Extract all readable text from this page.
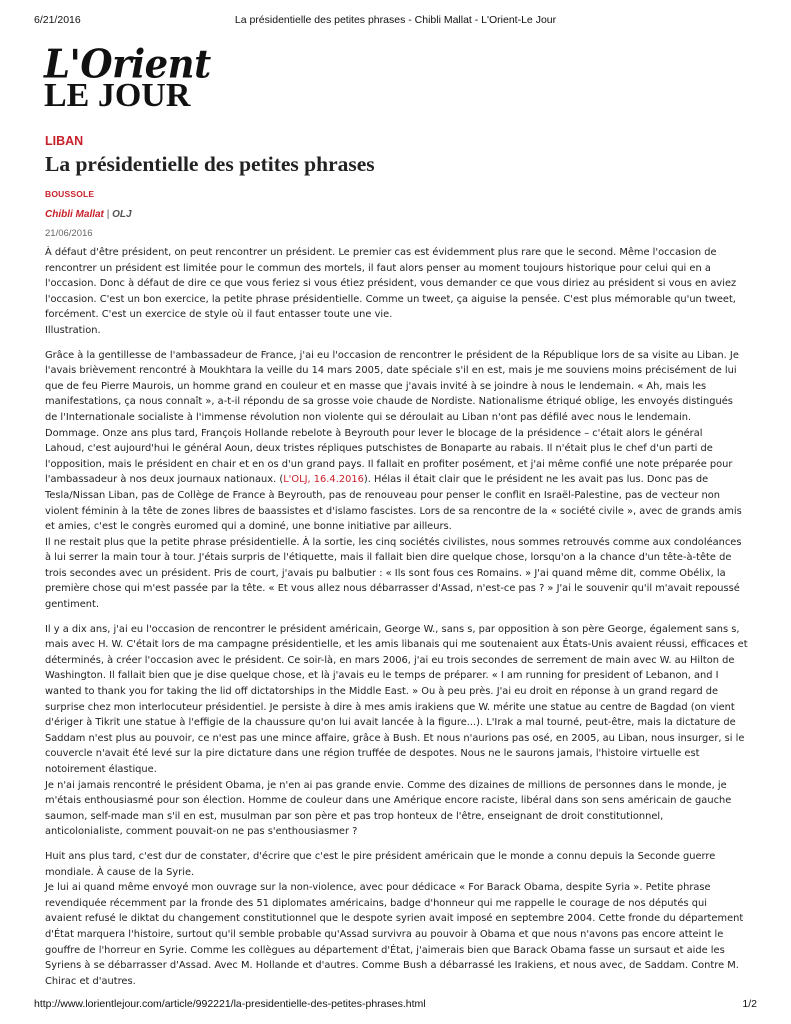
6/21/2016	La présidentielle des petites phrases - Chibli Mallat - L'Orient-Le Jour
L'Orient
LE JOUR
LIBAN
La présidentielle des petites phrases
BOUSSOLE
Chibli Mallat | OLJ
21/06/2016

À défaut d'être président, on peut rencontrer un président. Le premier cas est évidemment plus rare que le second. Même l'occasion de
rencontrer un président est limitée pour le commun des mortels, il faut alors penser au moment toujours historique pour celui qui en a
l'occasion. Donc à défaut de dire ce que vous feriez si vous étiez président, vous demander ce que vous diriez au président si vous en aviez
l'occasion. C'est un bon exercice, la petite phrase présidentielle. Comme un tweet, ça aiguise la pensée. C'est plus mémorable qu'un tweet,
forcément. C'est un exercice de style où il faut entasser toute une vie.
Illustration.

Grâce à la gentillesse de l'ambassadeur de France, j'ai eu l'occasion de rencontrer le président de la République lors de sa visite au Liban. Je
l'avais brièvement rencontré à Moukhtara la veille du 14 mars 2005, date spéciale s'il en est, mais je me souviens moins précisément de lui
que de feu Pierre Maurois, un homme grand en couleur et en masse que j'avais invité à se joindre à nous le lendemain. « Ah, mais les
manifestations, ça nous connaît », a-t-il répondu de sa grosse voie chaude de Nordiste. Nationalisme étriqué oblige, les envoyés distingués
de l'Internationale socialiste à l'immense révolution non violente qui se déroulait au Liban n'ont pas défilé avec nous le lendemain.
Dommage. Onze ans plus tard, François Hollande rebelote à Beyrouth pour lever le blocage de la présidence – c'était alors le général
Lahoud, c'est aujourd'hui le général Aoun, deux tristes répliques putschistes de Bonaparte au rabais. Il n'était plus le chef d'un parti de
l'opposition, mais le président en chair et en os d'un grand pays. Il fallait en profiter posément, et j'ai même confié une note préparée pour
l'ambassadeur à nos deux journaux nationaux. (L'OLJ, 16.4.2016). Hélas il était clair que le président ne les avait pas lus. Donc pas de
Tesla/Nissan Liban, pas de Collège de France à Beyrouth, pas de renouveau pour penser le conflit en Israël-Palestine, pas de vecteur non
violent féminin à la tête de zones libres de baassistes et d'islamo fascistes. Lors de sa rencontre de la « société civile », avec de grands amis
et amies, c'est le congrès euromed qui a dominé, une bonne initiative par ailleurs.
Il ne restait plus que la petite phrase présidentielle. À la sortie, les cinq sociétés civilistes, nous sommes retrouvés comme aux condoléances
à lui serrer la main tour à tour. J'étais surpris de l'étiquette, mais il fallait bien dire quelque chose, lorsqu'on a la chance d'un tête-à-tête de
trois secondes avec un président. Pris de court, j'avais pu balbutier : « Ils sont fous ces Romains. » J'ai quand même dit, comme Obélix, la
première chose qui m'est passée par la tête. « Et vous allez nous débarrasser d'Assad, n'est-ce pas ? » J'ai le souvenir qu'il m'avait repoussé
gentiment.

Il y a dix ans, j'ai eu l'occasion de rencontrer le président américain, George W., sans s, par opposition à son père George, également sans s,
mais avec H. W. C'était lors de ma campagne présidentielle, et les amis libanais qui me soutenaient aux États-Unis avaient réussi, efficaces et
déterminés, à créer l'occasion avec le président. Ce soir-là, en mars 2006, j'ai eu trois secondes de serrement de main avec W. au Hilton de
Washington. Il fallait bien que je dise quelque chose, et là j'avais eu le temps de préparer. « I am running for president of Lebanon, and I
wanted to thank you for taking the lid off dictatorships in the Middle East. » Ou à peu près. J'ai eu droit en réponse à un grand regard de
surprise chez mon interlocuteur présidentiel. Je persiste à dire à mes amis irakiens que W. mérite une statue au centre de Bagdad (on vient
d'ériger à Tikrit une statue à l'effigie de la chaussure qu'on lui avait lancée à la figure...). L'Irak a mal tourné, peut-être, mais la dictature de
Saddam n'est plus au pouvoir, ce n'est pas une mince affaire, grâce à Bush. Et nous n'aurions pas osé, en 2005, au Liban, nous insurger, si le
couvercle n'avait été levé sur la pire dictature dans une région truffée de despotes. Nous ne le saurons jamais, l'histoire virtuelle est
notoirement élastique.
Je n'ai jamais rencontré le président Obama, je n'en ai pas grande envie. Comme des dizaines de millions de personnes dans le monde, je
m'étais enthousiasmé pour son élection. Homme de couleur dans une Amérique encore raciste, libéral dans son sens américain de gauche
saumon, self-made man s'il en est, musulman par son père et pas trop honteux de l'être, enseignant de droit constitutionnel,
anticolonialiste, comment pouvait-on ne pas s'enthousiasmer ?

Huit ans plus tard, c'est dur de constater, d'écrire que c'est le pire président américain que le monde a connu depuis la Seconde guerre
mondiale. À cause de la Syrie.
Je lui ai quand même envoyé mon ouvrage sur la non-violence, avec pour dédicace « For Barack Obama, despite Syria ». Petite phrase
revendiquée récemment par la fronde des 51 diplomates américains, badge d'honneur qui me rappelle le courage de nos députés qui
avaient refusé le diktat du changement constitutionnel que le despote syrien avait imposé en septembre 2004. Cette fronde du département
d'État marquera l'histoire, surtout qu'il semble probable qu'Assad survivra au pouvoir à Obama et que nous n'avons pas encore atteint le
gouffre de l'horreur en Syrie. Comme les collègues au département d'État, j'aimerais bien que Barack Obama fasse un sursaut et aide les
Syriens à se débarrasser d'Assad. Avec M. Hollande et d'autres. Comme Bush a débarrassé les Irakiens, et nous avec, de Saddam. Contre M.
Chirac et d'autres.

http://www.lorientlejour.com/article/992221/la-presidentielle-des-petites-phrases.html	1/2
